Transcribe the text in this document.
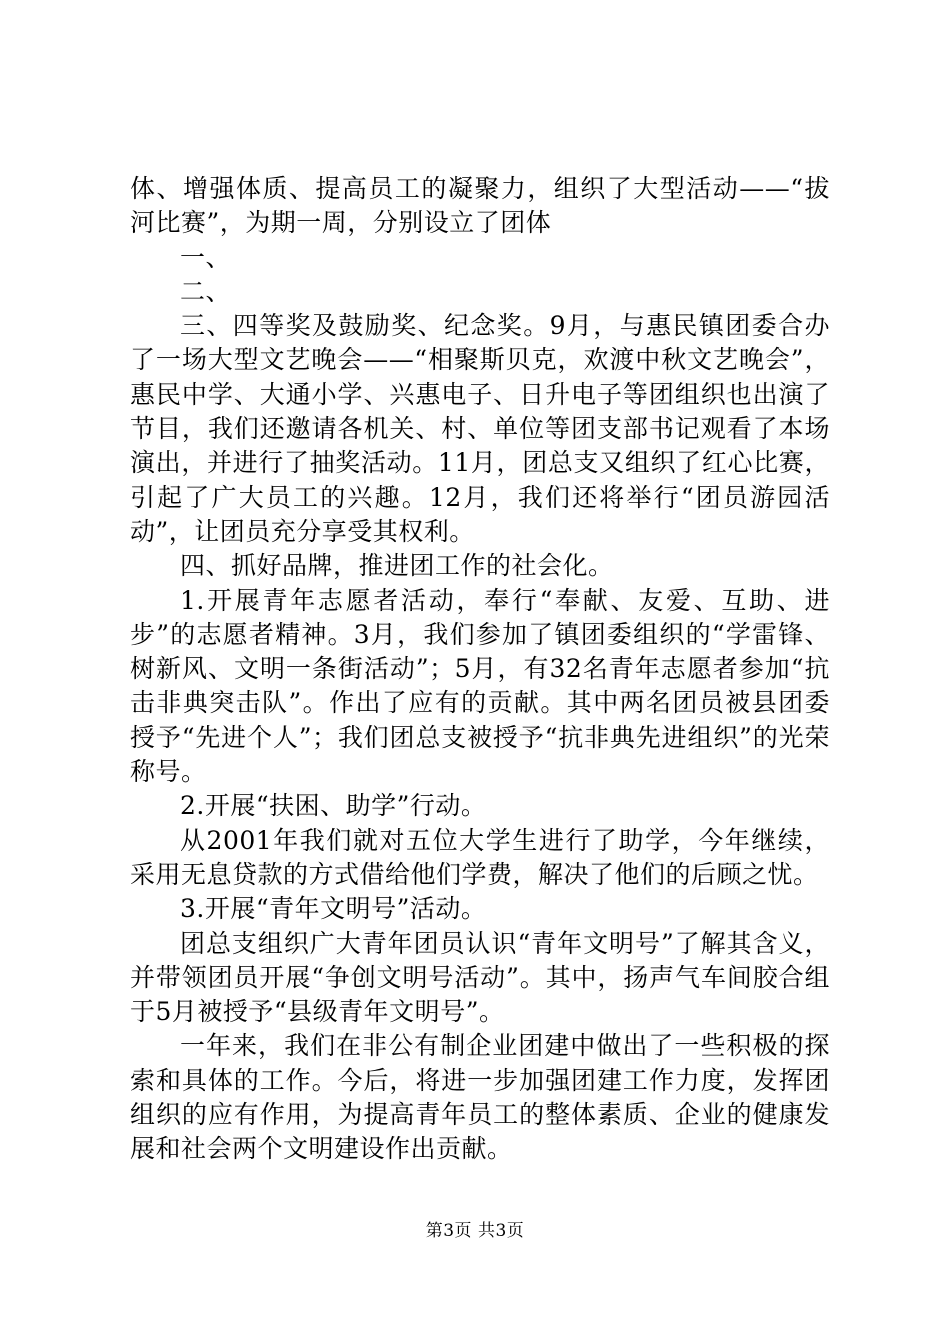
体、增强体质、提高员工的凝聚力，组织了大型活动——“拔河比赛”，为期一周，分别设立了团体

一、

二、

三、四等奖及鼓励奖、纪念奖。9月，与惠民镇团委合办了一场大型文艺晚会——“相聚斯贝克，欢渡中秋文艺晚会”，惠民中学、大通小学、兴惠电子、日升电子等团组织也出演了节目，我们还邀请各机关、村、单位等团支部书记观看了本场演出，并进行了抽奖活动。11月，团总支又组织了红心比赛，引起了广大员工的兴趣。12月，我们还将举行“团员游园活动”，让团员充分享受其权利。

四、抓好品牌，推进团工作的社会化。

1.开展青年志愿者活动，奉行“奉献、友爱、互助、进步”的志愿者精神。3月，我们参加了镇团委组织的“学雷锋、树新风、文明一条街活动”；5月，有32名青年志愿者参加“抗击非典突击队”。作出了应有的贡献。其中两名团员被县团委授予“先进个人”；我们团总支被授予“抗非典先进组织”的光荣称号。

2.开展“扶困、助学”行动。

从2001年我们就对五位大学生进行了助学，今年继续，采用无息贷款的方式借给他们学费，解决了他们的后顾之忧。

3.开展“青年文明号”活动。

团总支组织广大青年团员认识“青年文明号”了解其含义，并带领团员开展“争创文明号活动”。其中，扬声气车间胶合组于5月被授予“县级青年文明号”。

一年来，我们在非公有制企业团建中做出了一些积极的探索和具体的工作。今后，将进一步加强团建工作力度，发挥团组织的应有作用，为提高青年员工的整体素质、企业的健康发展和社会两个文明建设作出贡献。

第3页 共3页
